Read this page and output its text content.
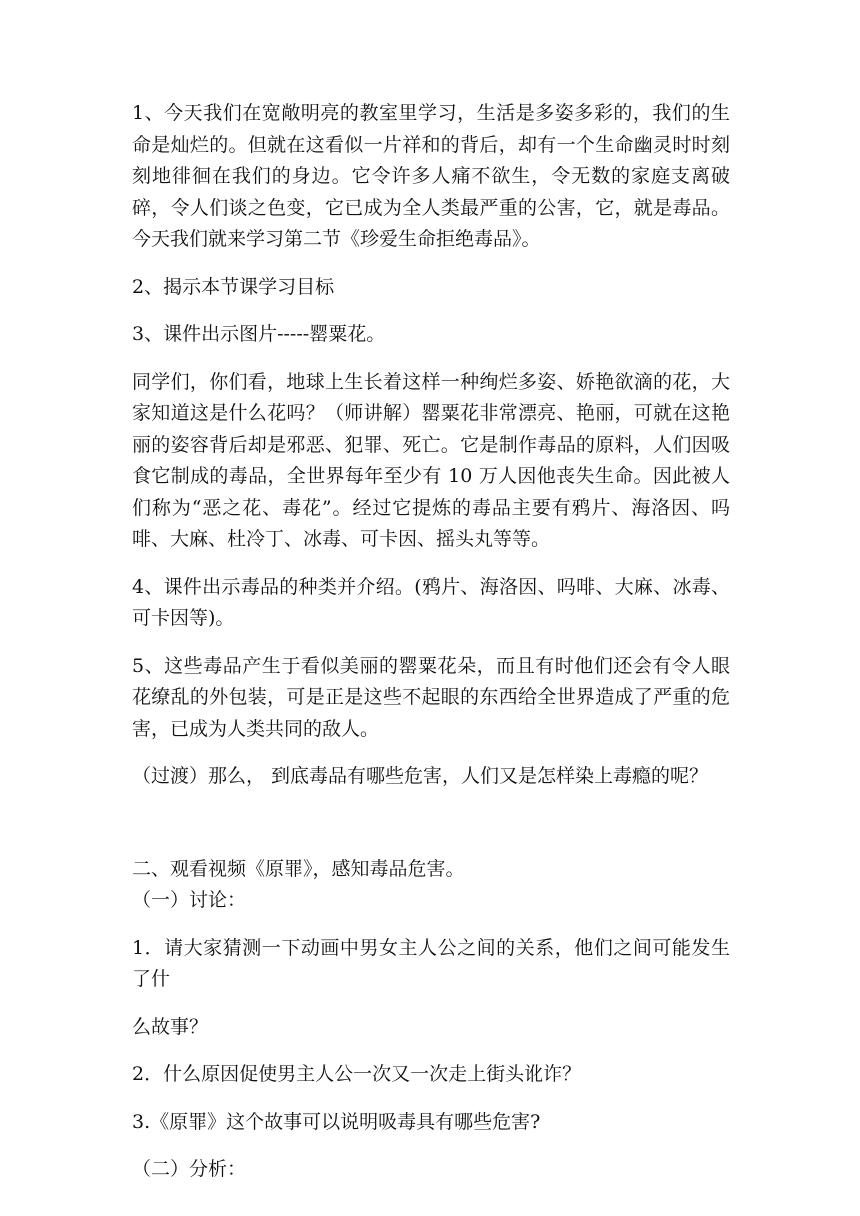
1、今天我们在宽敞明亮的教室里学习，生活是多姿多彩的，我们的生命是灿烂的。但就在这看似一片祥和的背后，却有一个生命幽灵时时刻刻地徘徊在我们的身边。它令许多人痛不欲生，令无数的家庭支离破碎，令人们谈之色变，它已成为全人类最严重的公害，它，就是毒品。今天我们就来学习第二节《珍爱生命拒绝毒品》。

2、揭示本节课学习目标

3、课件出示图片-----罂粟花。

同学们，你们看，地球上生长着这样一种绚烂多姿、娇艳欲滴的花，大家知道这是什么花吗？（师讲解）罂粟花非常漂亮、艳丽，可就在这艳丽的姿容背后却是邪恶、犯罪、死亡。它是制作毒品的原料，人们因吸食它制成的毒品，全世界每年至少有 10 万人因他丧失生命。因此被人们称为“恶之花、毒花”。经过它提炼的毒品主要有鸦片、海洛因、吗啡、大麻、杜冷丁、冰毒、可卡因、摇头丸等等。

4、课件出示毒品的种类并介绍。(鸦片、海洛因、吗啡、大麻、冰毒、可卡因等)。

5、这些毒品产生于看似美丽的罂粟花朵，而且有时他们还会有令人眼花缭乱的外包装，可是正是这些不起眼的东西给全世界造成了严重的危害，已成为人类共同的敌人。

（过渡）那么， 到底毒品有哪些危害，人们又是怎样染上毒瘾的呢？

二、观看视频《原罪》，感知毒品危害。

（一）讨论：

1．请大家猜测一下动画中男女主人公之间的关系，他们之间可能发生了什

么故事？

2．什么原因促使男主人公一次又一次走上街头讹诈？

3.《原罪》这个故事可以说明吸毒具有哪些危害?

（二）分析：
